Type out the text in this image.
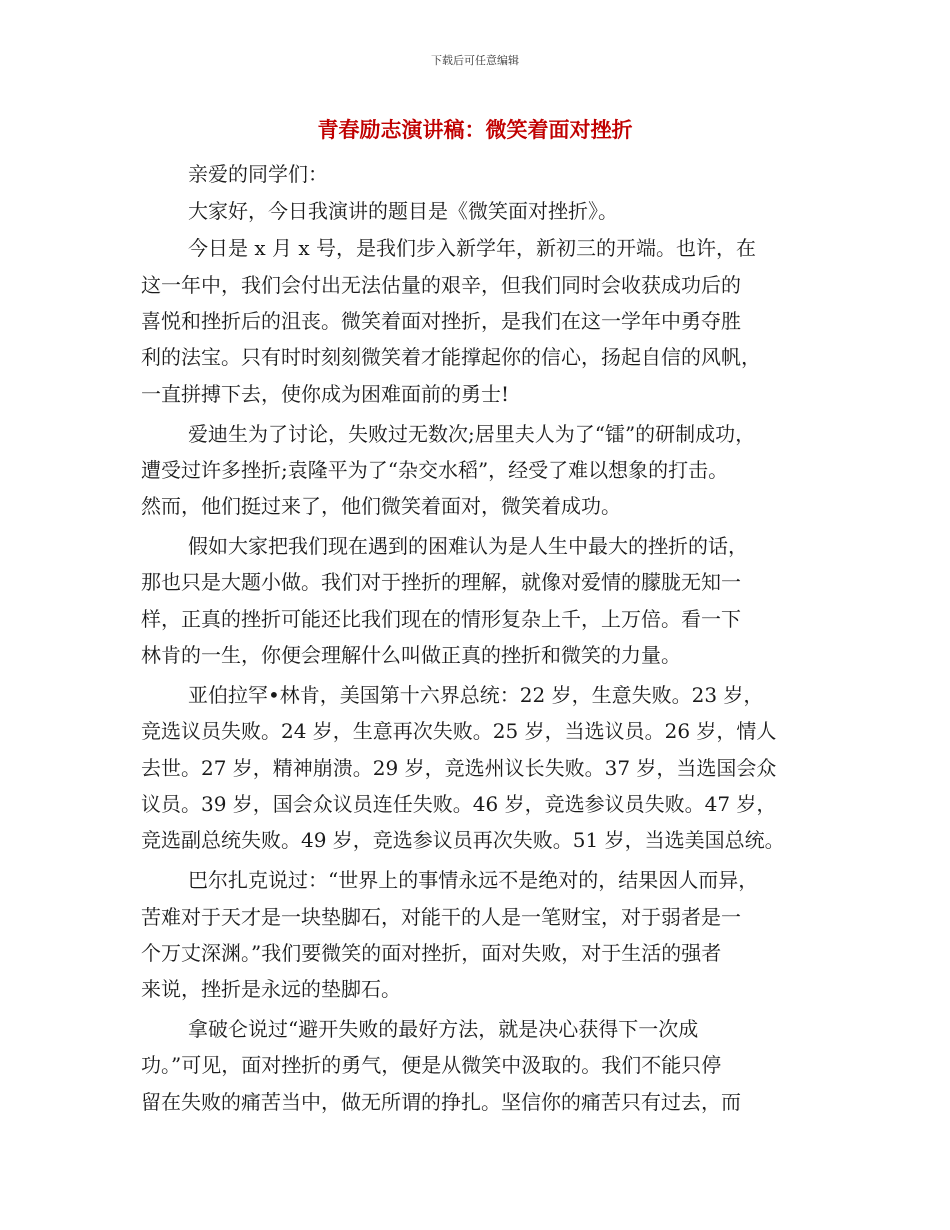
下载后可任意编辑
青春励志演讲稿：微笑着面对挫折
亲爱的同学们：
大家好，今日我演讲的题目是《微笑面对挫折》。
今日是 x 月 x 号，是我们步入新学年，新初三的开端。也许，在
这一年中，我们会付出无法估量的艰辛，但我们同时会收获成功后的
喜悦和挫折后的沮丧。微笑着面对挫折，是我们在这一学年中勇夺胜
利的法宝。只有时时刻刻微笑着才能撑起你的信心，扬起自信的风帆，
一直拼搏下去，使你成为困难面前的勇士!
爱迪生为了讨论，失败过无数次;居里夫人为了“镭”的研制成功，
遭受过许多挫折;袁隆平为了“杂交水稻”，经受了难以想象的打击。
然而，他们挺过来了，他们微笑着面对，微笑着成功。
假如大家把我们现在遇到的困难认为是人生中最大的挫折的话，
那也只是大题小做。我们对于挫折的理解，就像对爱情的朦胧无知一
样，正真的挫折可能还比我们现在的情形复杂上千，上万倍。看一下
林肯的一生，你便会理解什么叫做正真的挫折和微笑的力量。
亚伯拉罕•林肯，美国第十六界总统：22 岁，生意失败。23 岁，
竞选议员失败。24 岁，生意再次失败。25 岁，当选议员。26 岁，情人
去世。27 岁，精神崩溃。29 岁，竞选州议长失败。37 岁，当选国会众
议员。39 岁，国会众议员连任失败。46 岁，竞选参议员失败。47 岁，
竞选副总统失败。49 岁，竞选参议员再次失败。51 岁，当选美国总统。
巴尔扎克说过：“世界上的事情永远不是绝对的，结果因人而异，
苦难对于天才是一块垫脚石，对能干的人是一笔财宝，对于弱者是一
个万丈深渊。”我们要微笑的面对挫折，面对失败，对于生活的强者
来说，挫折是永远的垫脚石。
拿破仑说过“避开失败的最好方法，就是决心获得下一次成
功。”可见，面对挫折的勇气，便是从微笑中汲取的。我们不能只停
留在失败的痛苦当中，做无所谓的挣扎。坚信你的痛苦只有过去，而
